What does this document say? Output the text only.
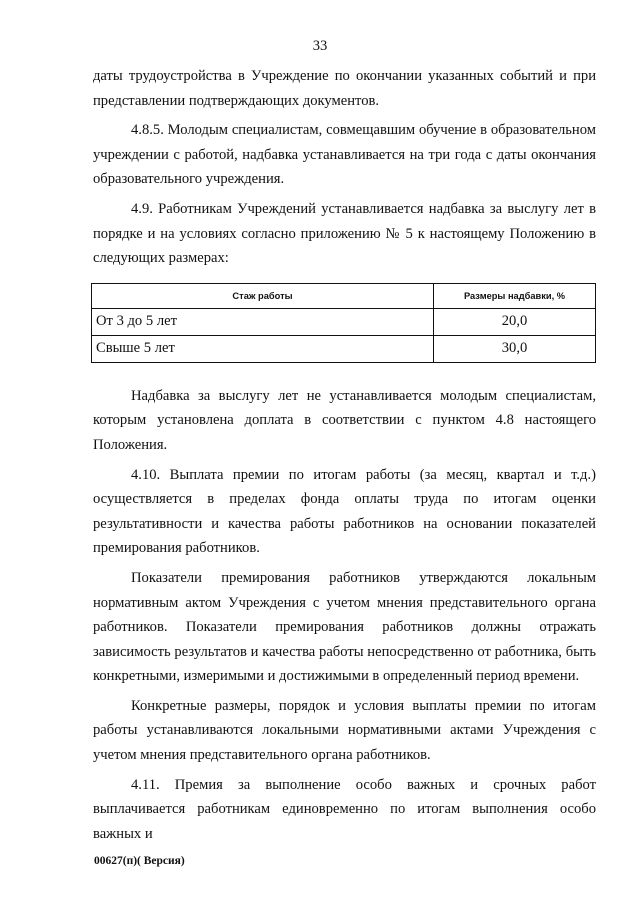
33

даты трудоустройства в Учреждение по окончании указанных событий и при представлении подтверждающих документов.

4.8.5. Молодым специалистам, совмещавшим обучение в образовательном учреждении с работой, надбавка устанавливается на три года с даты окончания образовательного учреждения.

4.9. Работникам Учреждений устанавливается надбавка за выслугу лет в порядке и на условиях согласно приложению № 5 к настоящему Положению в следующих размерах:

Стаж работы	Размеры надбавки, %
От 3 до 5 лет	20,0
Свыше 5 лет	30,0

Надбавка за выслугу лет не устанавливается молодым специалистам, которым установлена доплата в соответствии с пунктом 4.8 настоящего Положения.

4.10. Выплата премии по итогам работы (за месяц, квартал и т.д.) осуществляется в пределах фонда оплаты труда по итогам оценки результативности и качества работы работников на основании показателей премирования работников.

Показатели премирования работников утверждаются локальным нормативным актом Учреждения с учетом мнения представительного органа работников. Показатели премирования работников должны отражать зависимость результатов и качества работы непосредственно от работника, быть конкретными, измеримыми и достижимыми в определенный период времени.

Конкретные размеры, порядок и условия выплаты премии по итогам работы устанавливаются локальными нормативными актами Учреждения с учетом мнения представительного органа работников.

4.11. Премия за выполнение особо важных и срочных работ выплачивается работникам единовременно по итогам выполнения особо важных и

00627(п)( Версия)
